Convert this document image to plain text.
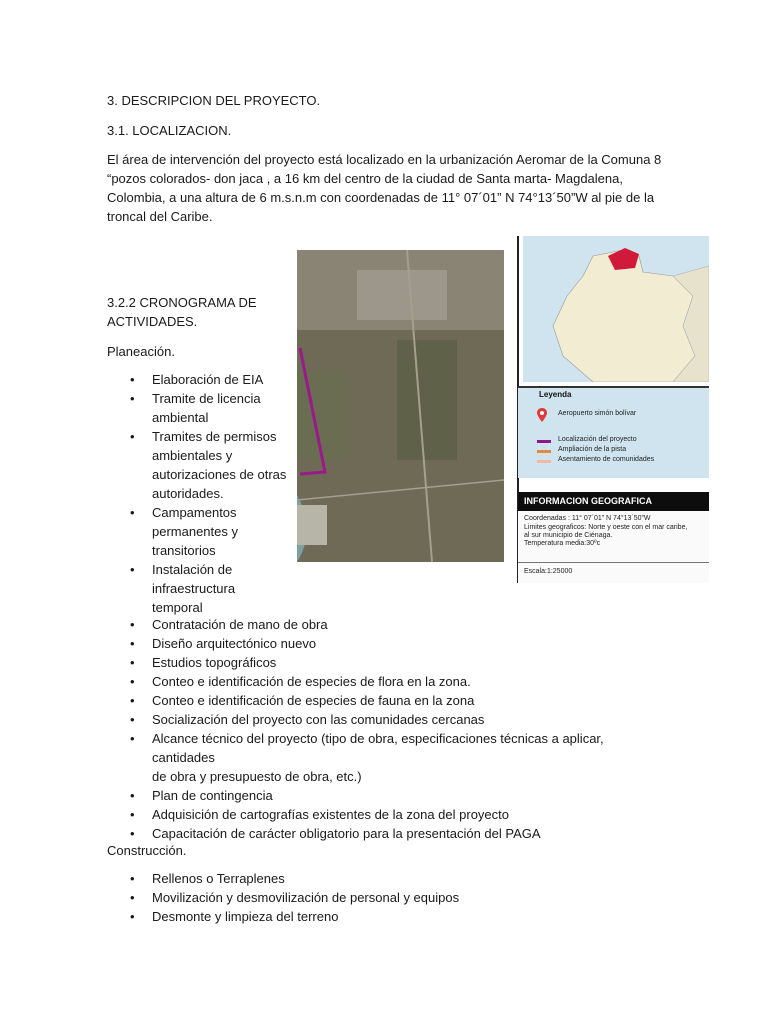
3. DESCRIPCION DEL PROYECTO.

3.1. LOCALIZACION.

El área de intervención del proyecto está localizado en la urbanización Aeromar de la Comuna 8

“pozos colorados- don jaca , a 16 km del centro de la ciudad de Santa marta- Magdalena,

Colombia, a una altura de 6 m.s.n.m con coordenadas de 11° 07´01” N 74°13´50”W al pie de la

troncal del Caribe.

3.2.2 CRONOGRAMA DE

ACTIVIDADES.

Planeación.

• Elaboración de EIA
• Tramite de licencia
ambiental
• Tramites de permisos
ambientales y
autorizaciones de otras
autoridades.
• Campamentos
permanentes y
transitorios
• Instalación de
infraestructura
temporal
• Contratación de mano de obra
• Diseño arquitectónico nuevo
• Estudios topográficos
• Conteo e identificación de especies de flora en la zona.
• Conteo e identificación de especies de fauna en la zona
• Socialización del proyecto con las comunidades cercanas
• Alcance técnico del proyecto (tipo de obra, especificaciones técnicas a aplicar, cantidades
de obra y presupuesto de obra, etc.)
• Plan de contingencia
• Adquisición de cartografías existentes de la zona del proyecto
• Capacitación de carácter obligatorio para la presentación del PAGA

Construcción.

• Rellenos o Terraplenes
• Movilización y desmovilización de personal y equipos
• Desmonte y limpieza del terreno
Leyenda
Aeropuerto simón bolívar
Localización del proyecto
Ampliación de la pista
Asentamiento de comunidades
INFORMACION GEOGRAFICA
Coordenadas : 11° 07´01” N 74°13´50”W
Limites geograficos: Norte y oeste con el mar caribe,
al sur municipio de Ciénaga.
Temperatura media:30ºc
Escala:1:25000
